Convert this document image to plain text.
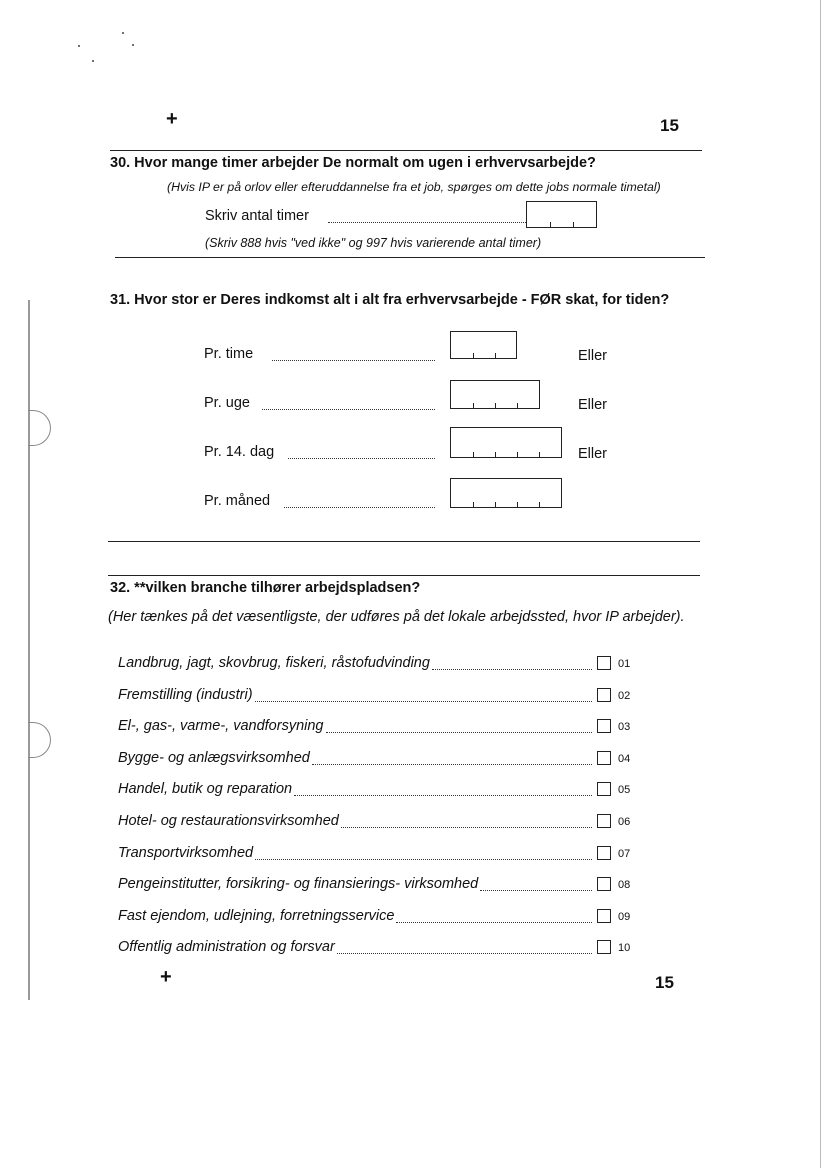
+	15
30. Hvor mange timer arbejder De normalt om ugen i erhvervsarbejde?
(Hvis IP er på orlov eller efteruddannelse fra et job, spørges om dette jobs normale timetal)
Skriv antal timer
(Skriv 888 hvis "ved ikke" og 997 hvis varierende antal timer)
31. Hvor stor er Deres indkomst alt i alt fra erhvervsarbejde - FØR skat, for tiden?
Pr. time	Eller
Pr. uge	Eller
Pr. 14. dag	Eller
Pr. måned
32. **vilken branche tilhører arbejdspladsen?
(Her tænkes på det væsentligste, der udføres på det lokale arbejdssted, hvor IP arbejder).
Landbrug, jagt, skovbrug, fiskeri, råstofudvinding	01
Fremstilling (industri)	02
El-, gas-, varme-, vandforsyning	03
Bygge- og anlægsvirksomhed	04
Handel, butik og reparation	05
Hotel- og restaurationsvirksomhed	06
Transportvirksomhed	07
Pengeinstitutter, forsikring- og finansierings- virksomhed	08
Fast ejendom, udlejning, forretningsservice	09
Offentlig administration og forsvar	10
+	15
